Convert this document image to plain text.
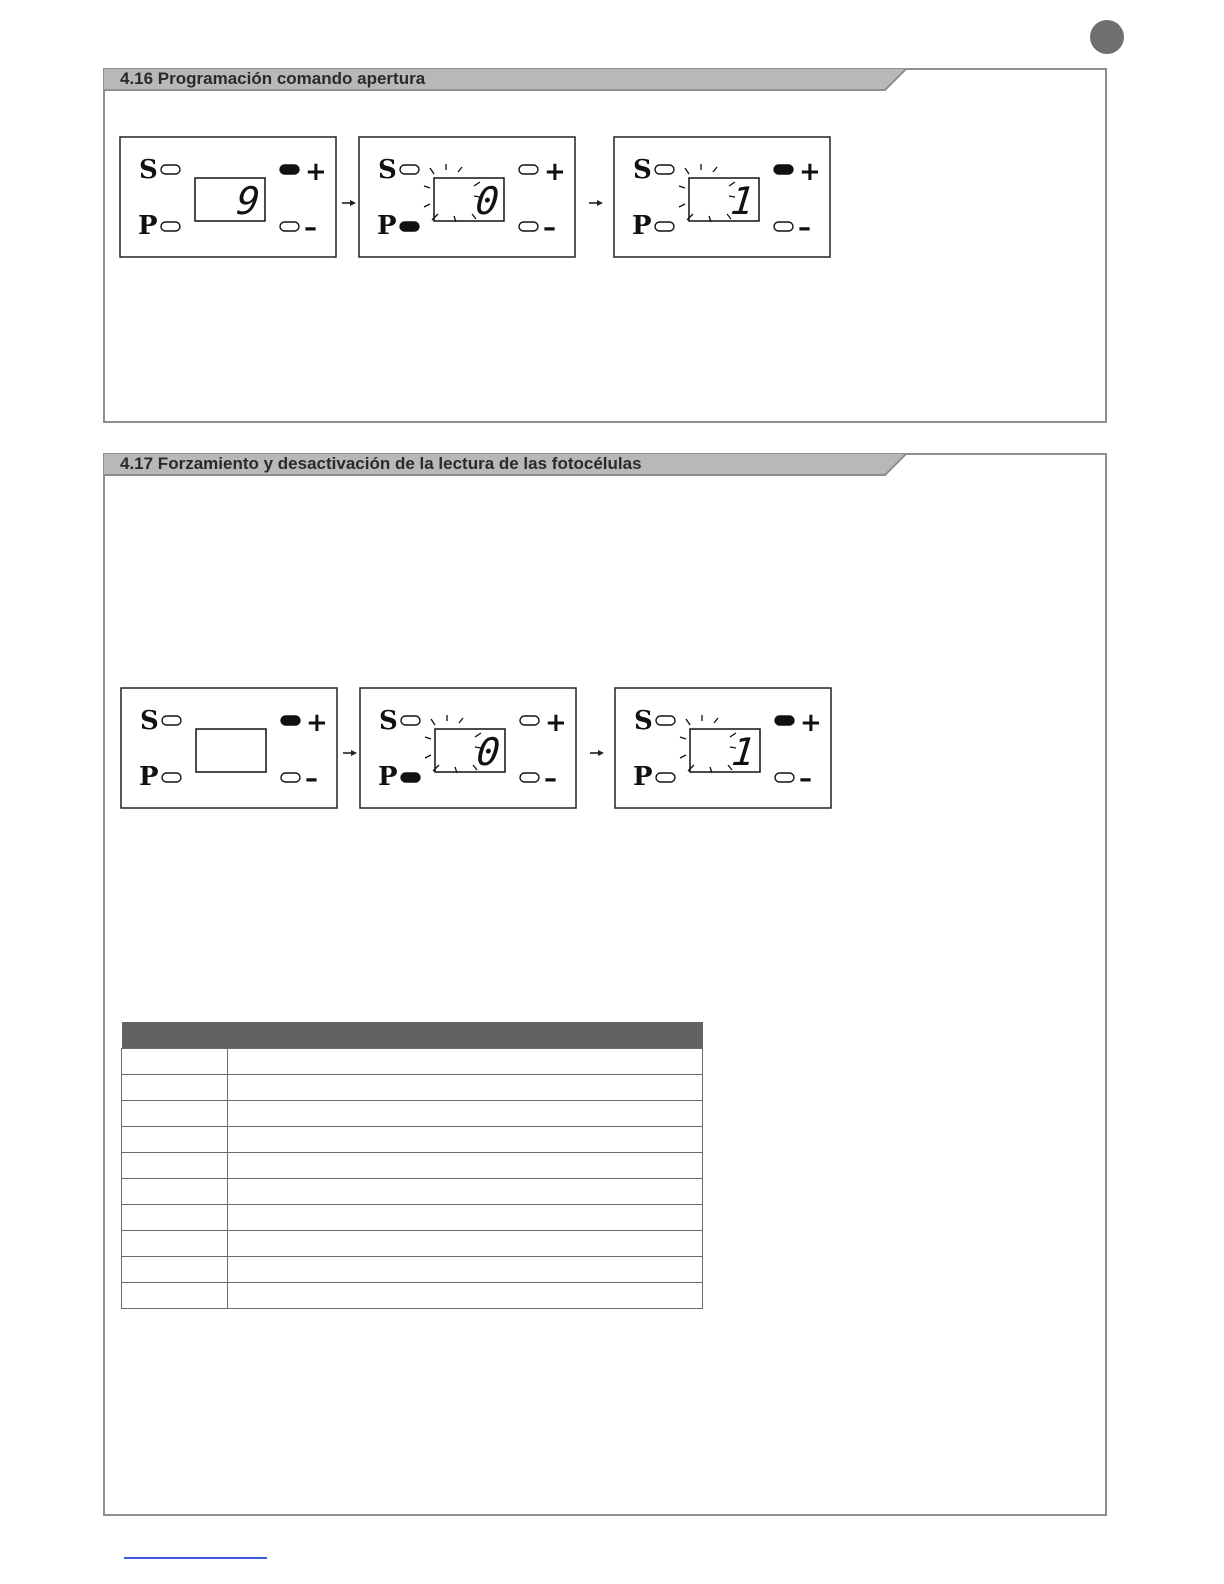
4.16 Programación comando apertura
4.17 Forzamiento y desactivación de la lectura de las fotocélulas
S
P
+
–
9
S
P
+
–
0
S
P
+
–
1
S
P
+
–
S
P
+
–
0
S
P
+
–
1
